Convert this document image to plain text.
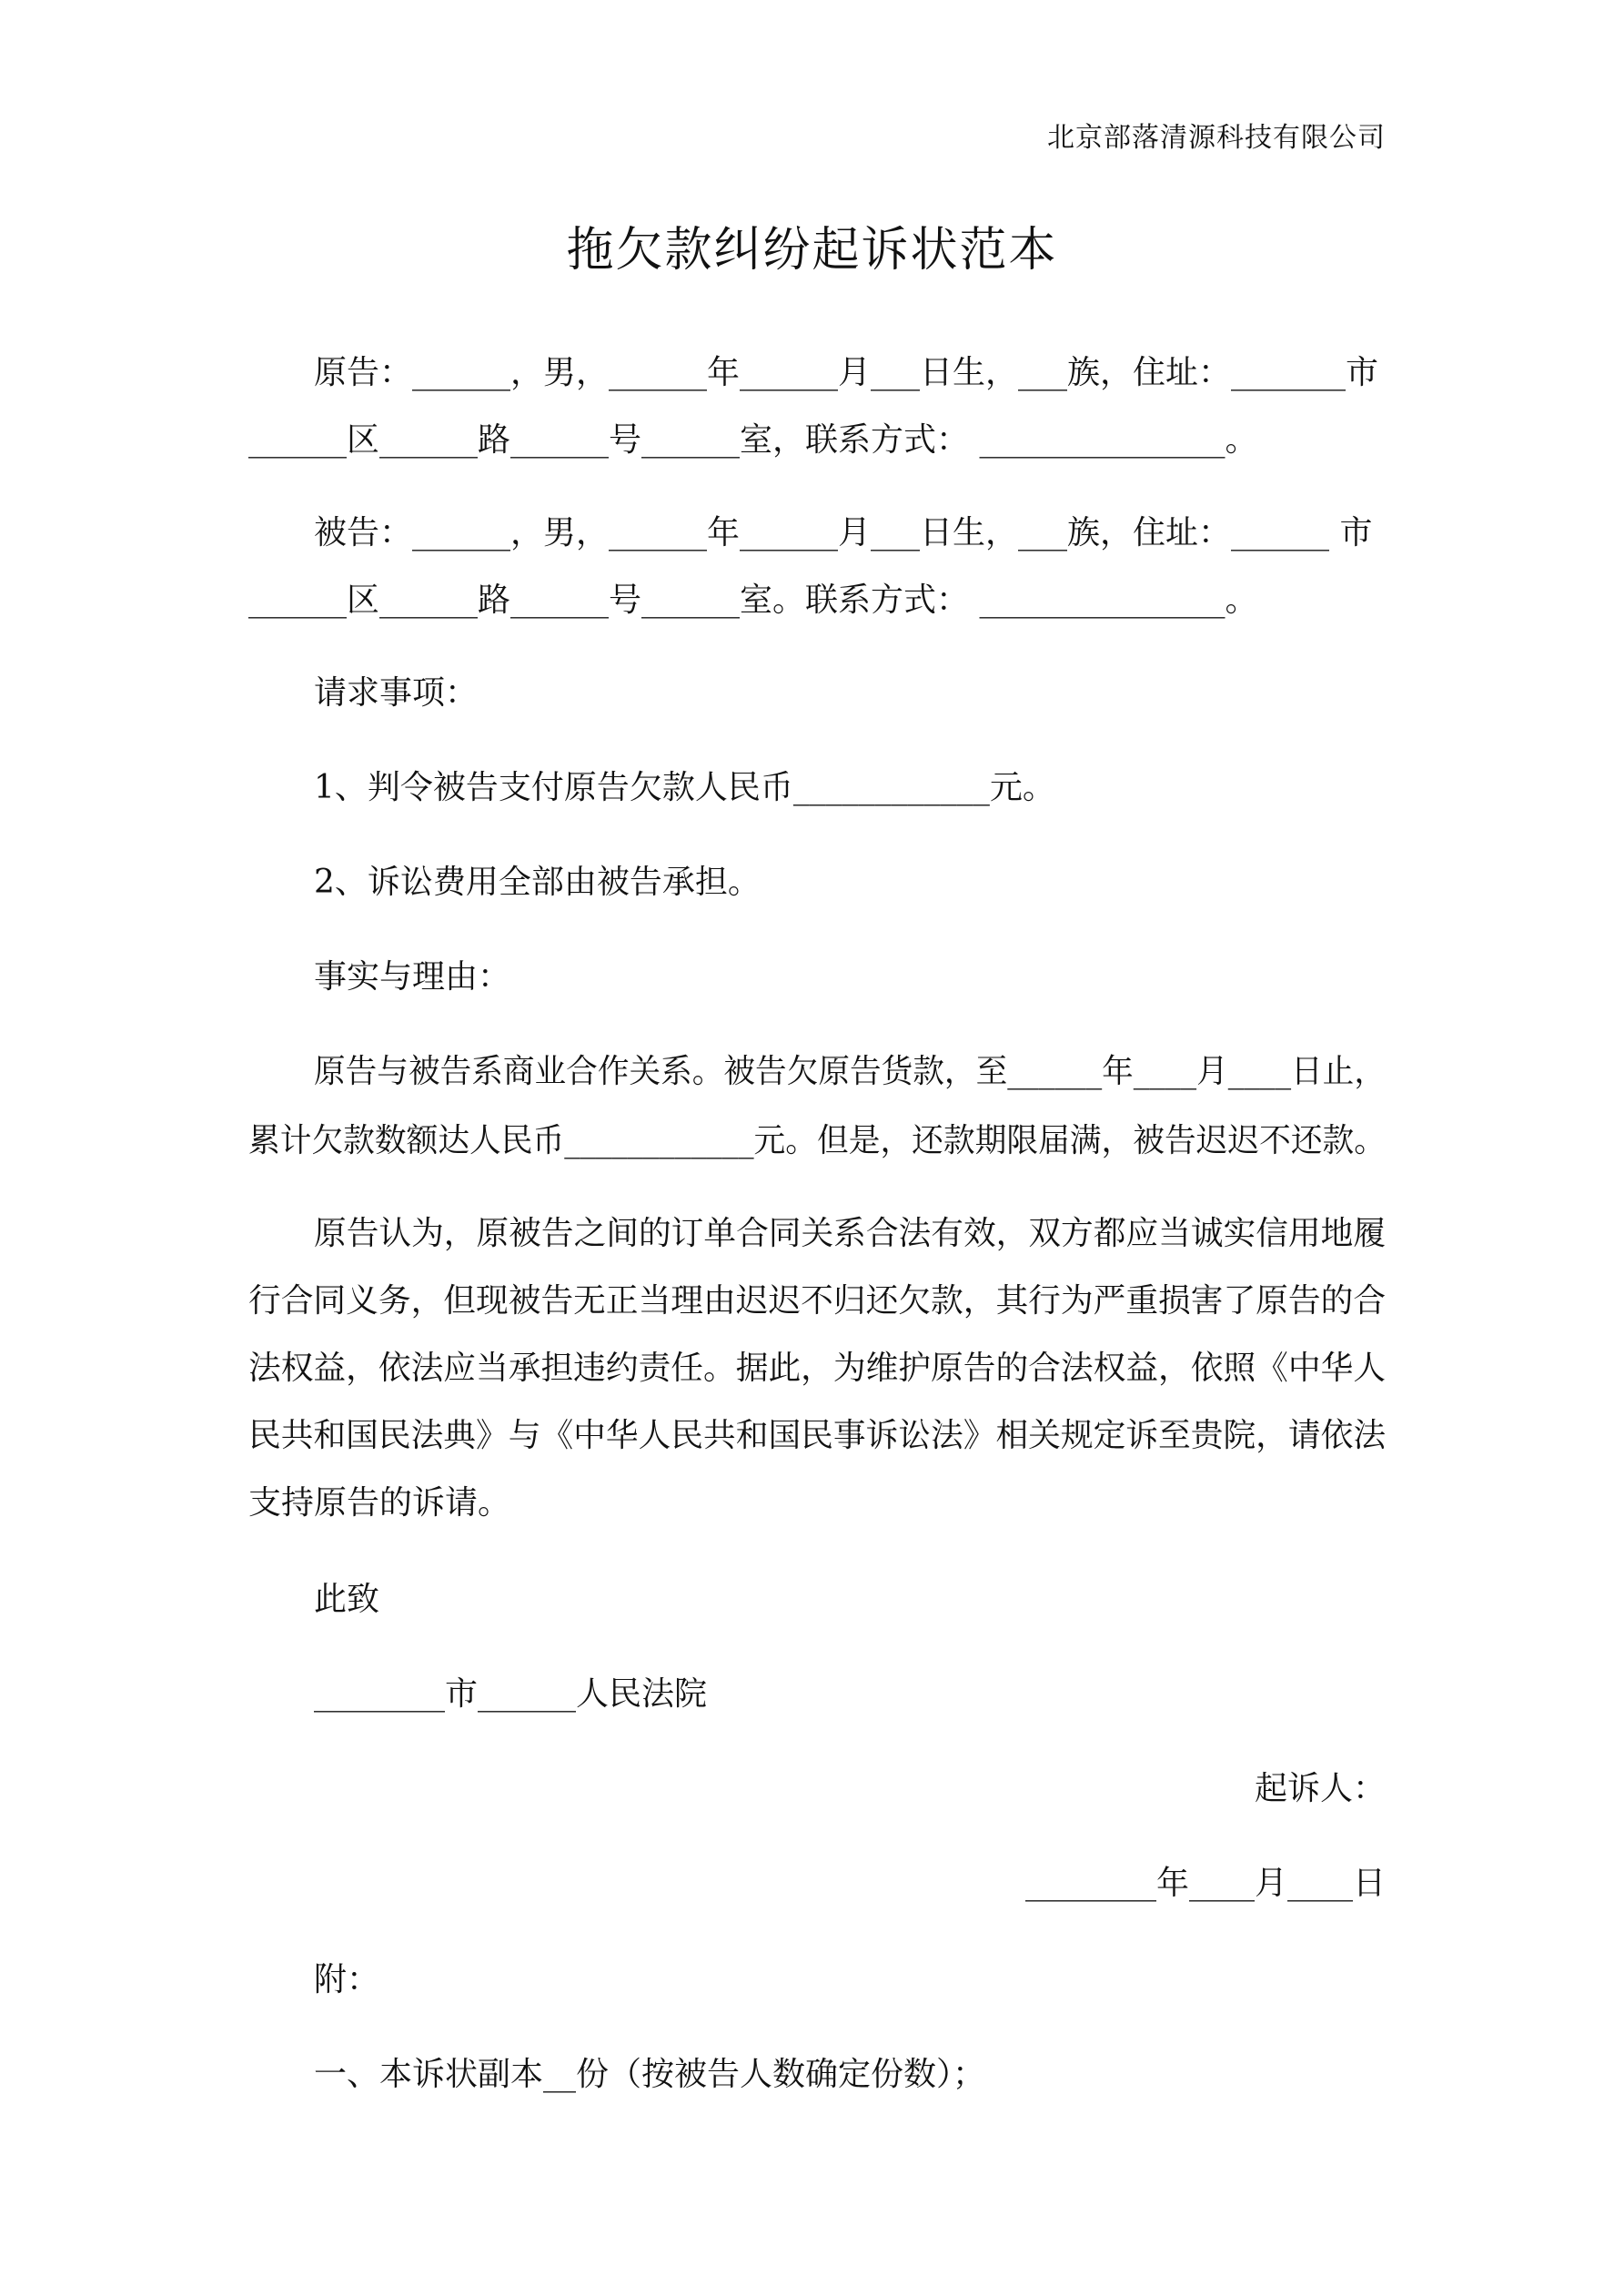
北京部落清源科技有限公司
拖欠款纠纷起诉状范本
原告：______，男，______年______月___日生，___族，住址：_______市
______区______路______号______室，联系方式： _______________。
被告：______，男，______年______月___日生，___族，住址：______ 市
______区______路______号______室。联系方式： _______________。
请求事项：
1、判令被告支付原告欠款人民币____________元。
2、诉讼费用全部由被告承担。
事实与理由：
原告与被告系商业合作关系。被告欠原告货款，至______年____月____日止，
累计欠款数额达人民币____________元。但是，还款期限届满，被告迟迟不还款。
原告认为，原被告之间的订单合同关系合法有效，双方都应当诚实信用地履
行合同义务，但现被告无正当理由迟迟不归还欠款，其行为严重损害了原告的合
法权益，依法应当承担违约责任。据此，为维护原告的合法权益，依照《中华人
民共和国民法典》与《中华人民共和国民事诉讼法》相关规定诉至贵院，请依法
支持原告的诉请。
此致
________市______人民法院
起诉人：
________年____月____日
附：
一、本诉状副本__份（按被告人数确定份数）；
